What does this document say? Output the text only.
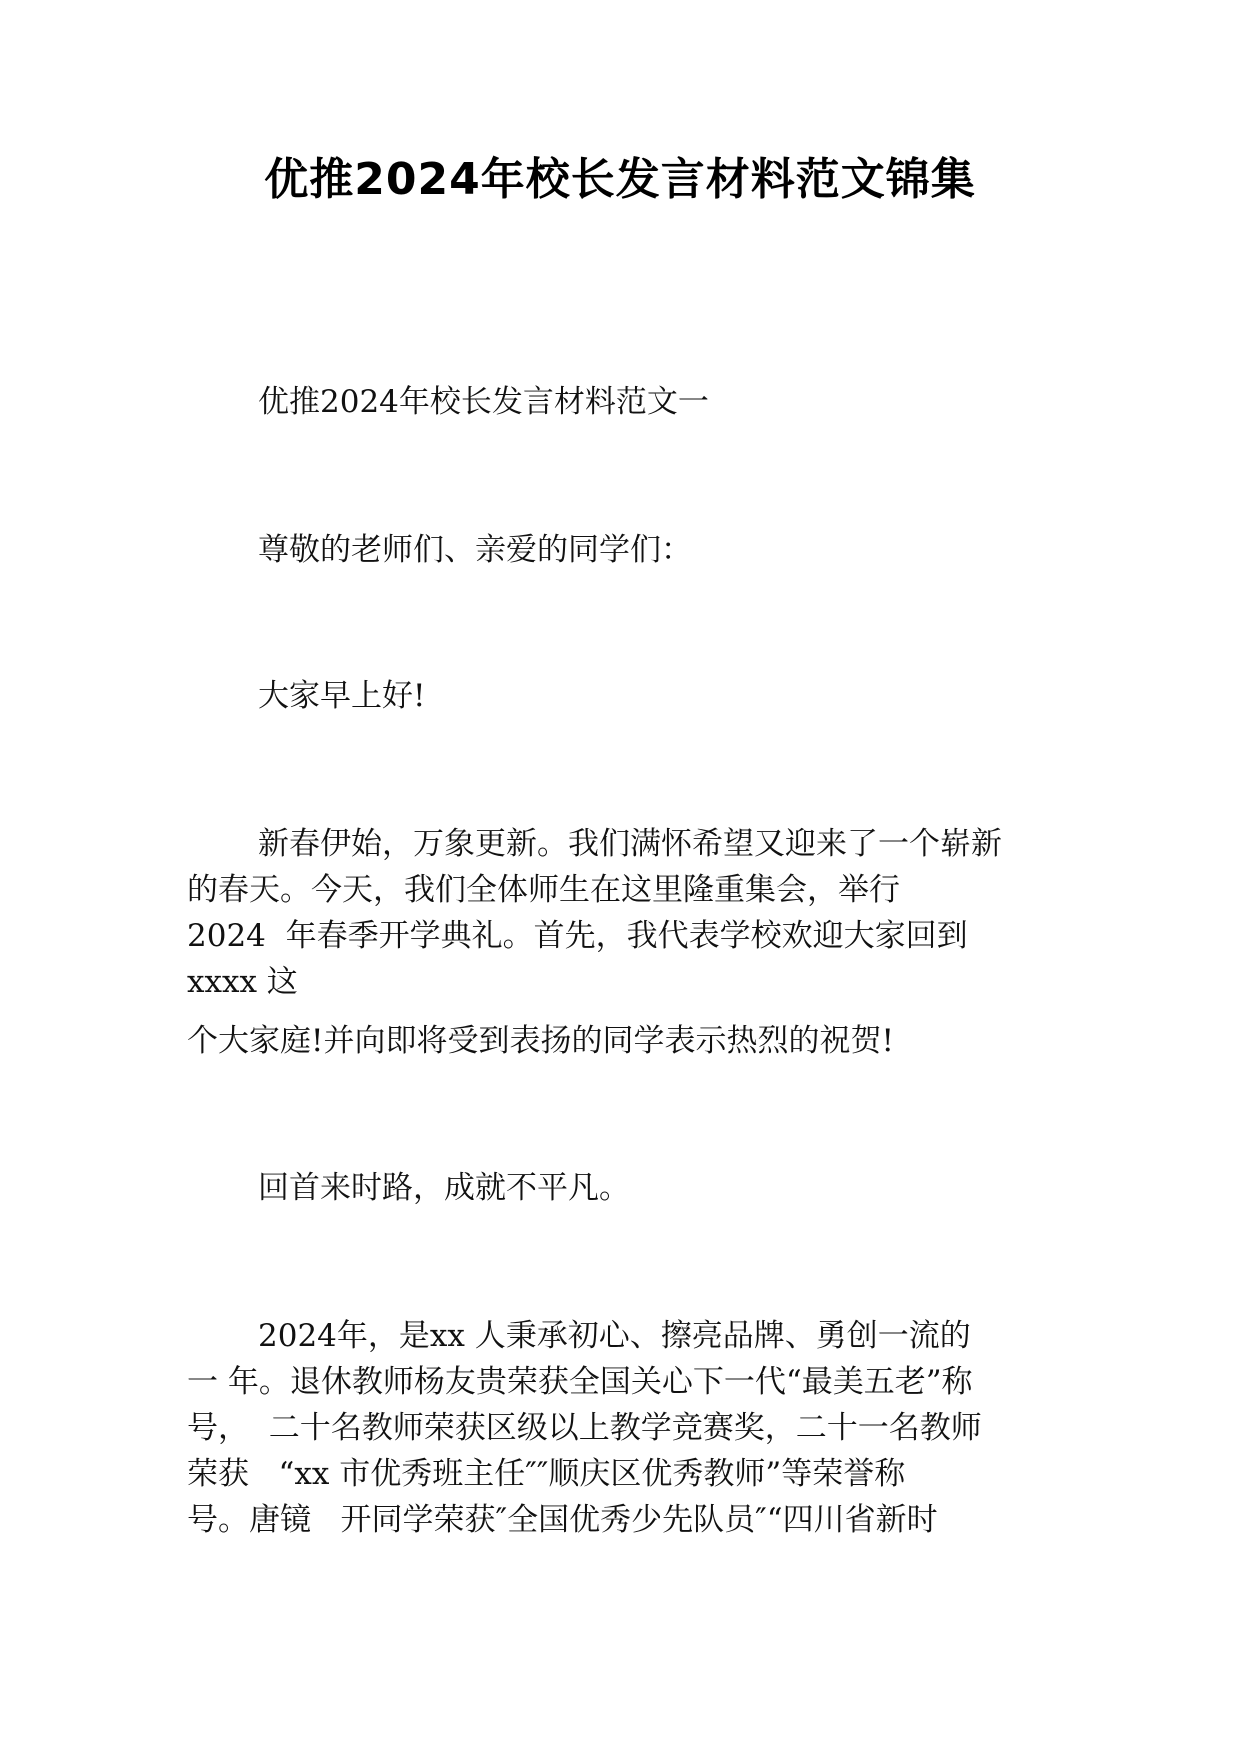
优推2024年校长发言材料范文锦集

优推2024年校长发言材料范文一

尊敬的老师们、亲爱的同学们：

大家早上好!

新春伊始，万象更新。我们满怀希望又迎来了一个崭新

的春天。今天，我们全体师生在这里隆重集会，举行

2024  年春季开学典礼。首先，我代表学校欢迎大家回到

xxxx 这

个大家庭!并向即将受到表扬的同学表示热烈的祝贺!

回首来时路，成就不平凡。

2024年，是xx 人秉承初心、擦亮品牌、勇创一流的

一 年。退休教师杨友贵荣获全国关心下一代“最美五老”称

号，  二十名教师荣获区级以上教学竞赛奖，二十一名教师

荣获   “xx 市优秀班主任″″顺庆区优秀教师”等荣誉称

号。唐镜   开同学荣获″全国优秀少先队员″“四川省新时
